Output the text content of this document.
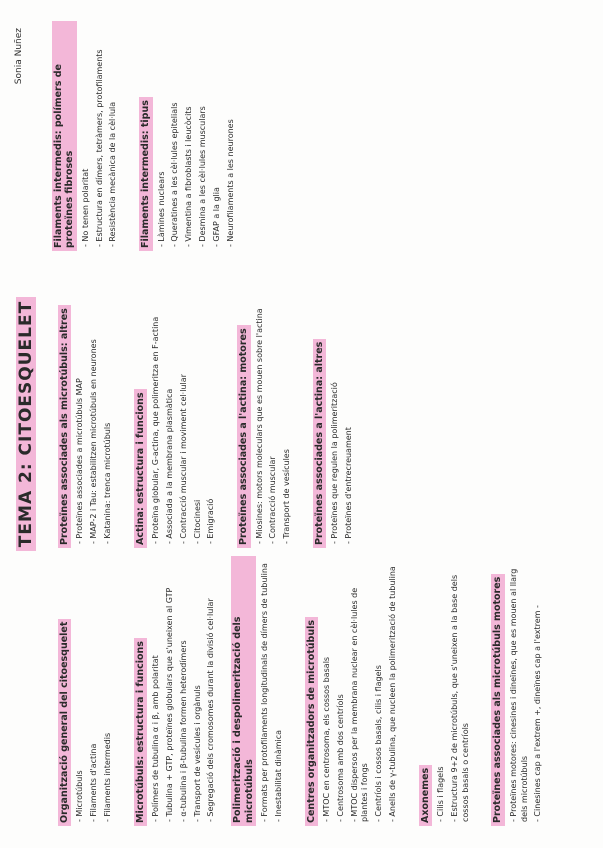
Sonia Nuñez
TEMA 2: CITOESQUELET
Organització general del citoesquelet - Microtúbuls - Filaments d'actina - Filaments intermedis	Microtúbuls: estructura i funcions - Polímers de tubulina α i β, amb polaritat - Tubulina + GTP, proteïnes globulars que s'uneixen al GTP - α-tubulina i β-tubulina formen heterodímers - Transport de vesícules i orgànuls - Segregació dels cromosomes durant la divisió cel·lular Polimerització i despolimerització dels microtúbuls - Formats per protofilaments longitudinals de dímers de tubulina - Inestabilitat dinàmica	Centres organitzadors de microtúbuls - MTOC en centrosoma, els cossos basals - Centrosoma amb dos centríols - MTOC dispersos per la membrana nuclear en cèl·lules de plantes i fongs - Centríols i cossos basals, cilis i flagels - Anells de γ-tubulina, que nucleen la polimerització de tubulina	Axonemes - Cilis i flagels - Estructura 9+2 de microtúbuls, que s'uneixen a la base dels cossos basals o centríols	Proteïnes associades als microtúbuls motores - Proteïnes motores: cinesines i dineïnes, que es mouen al llarg dels microtúbuls - Cinesines cap a l'extrem +, dineïnes cap a l'extrem -
Proteïnes associades als microtúbuls: altres - Proteïnes associades a microtúbuls MAP - MAP-2 i Tau: estabilitzen microtúbuls en neurones - Katanina: trenca microtúbuls	Actina: estructura i funcions - Proteïna globular, G-actina, que polimeritza en F-actina - Associada a la membrana plasmàtica - Contracció muscular i moviment cel·lular - Citocinesi - Emigració	Proteïnes associades a l'actina: motores - Miosines: motors moleculars que es mouen sobre l'actina - Contracció muscular - Transport de vesícules	Proteïnes associades a l'actina: altres - Proteïnes que regulen la polimerització - Proteïnes d'entrecreuament
Filaments intermedis: polímers de proteïnes fibroses - No tenen polaritat - Estructura en dímers, tetràmers, protofilaments - Resistència mecànica de la cèl·lula	Filaments intermedis: tipus - Làmines nuclears - Queratines a les cèl·lules epitelials - Vimentina a fibroblasts i leucòcits - Desmina a les cèl·lules musculars - GFAP a la glia - Neurofilaments a les neurones
